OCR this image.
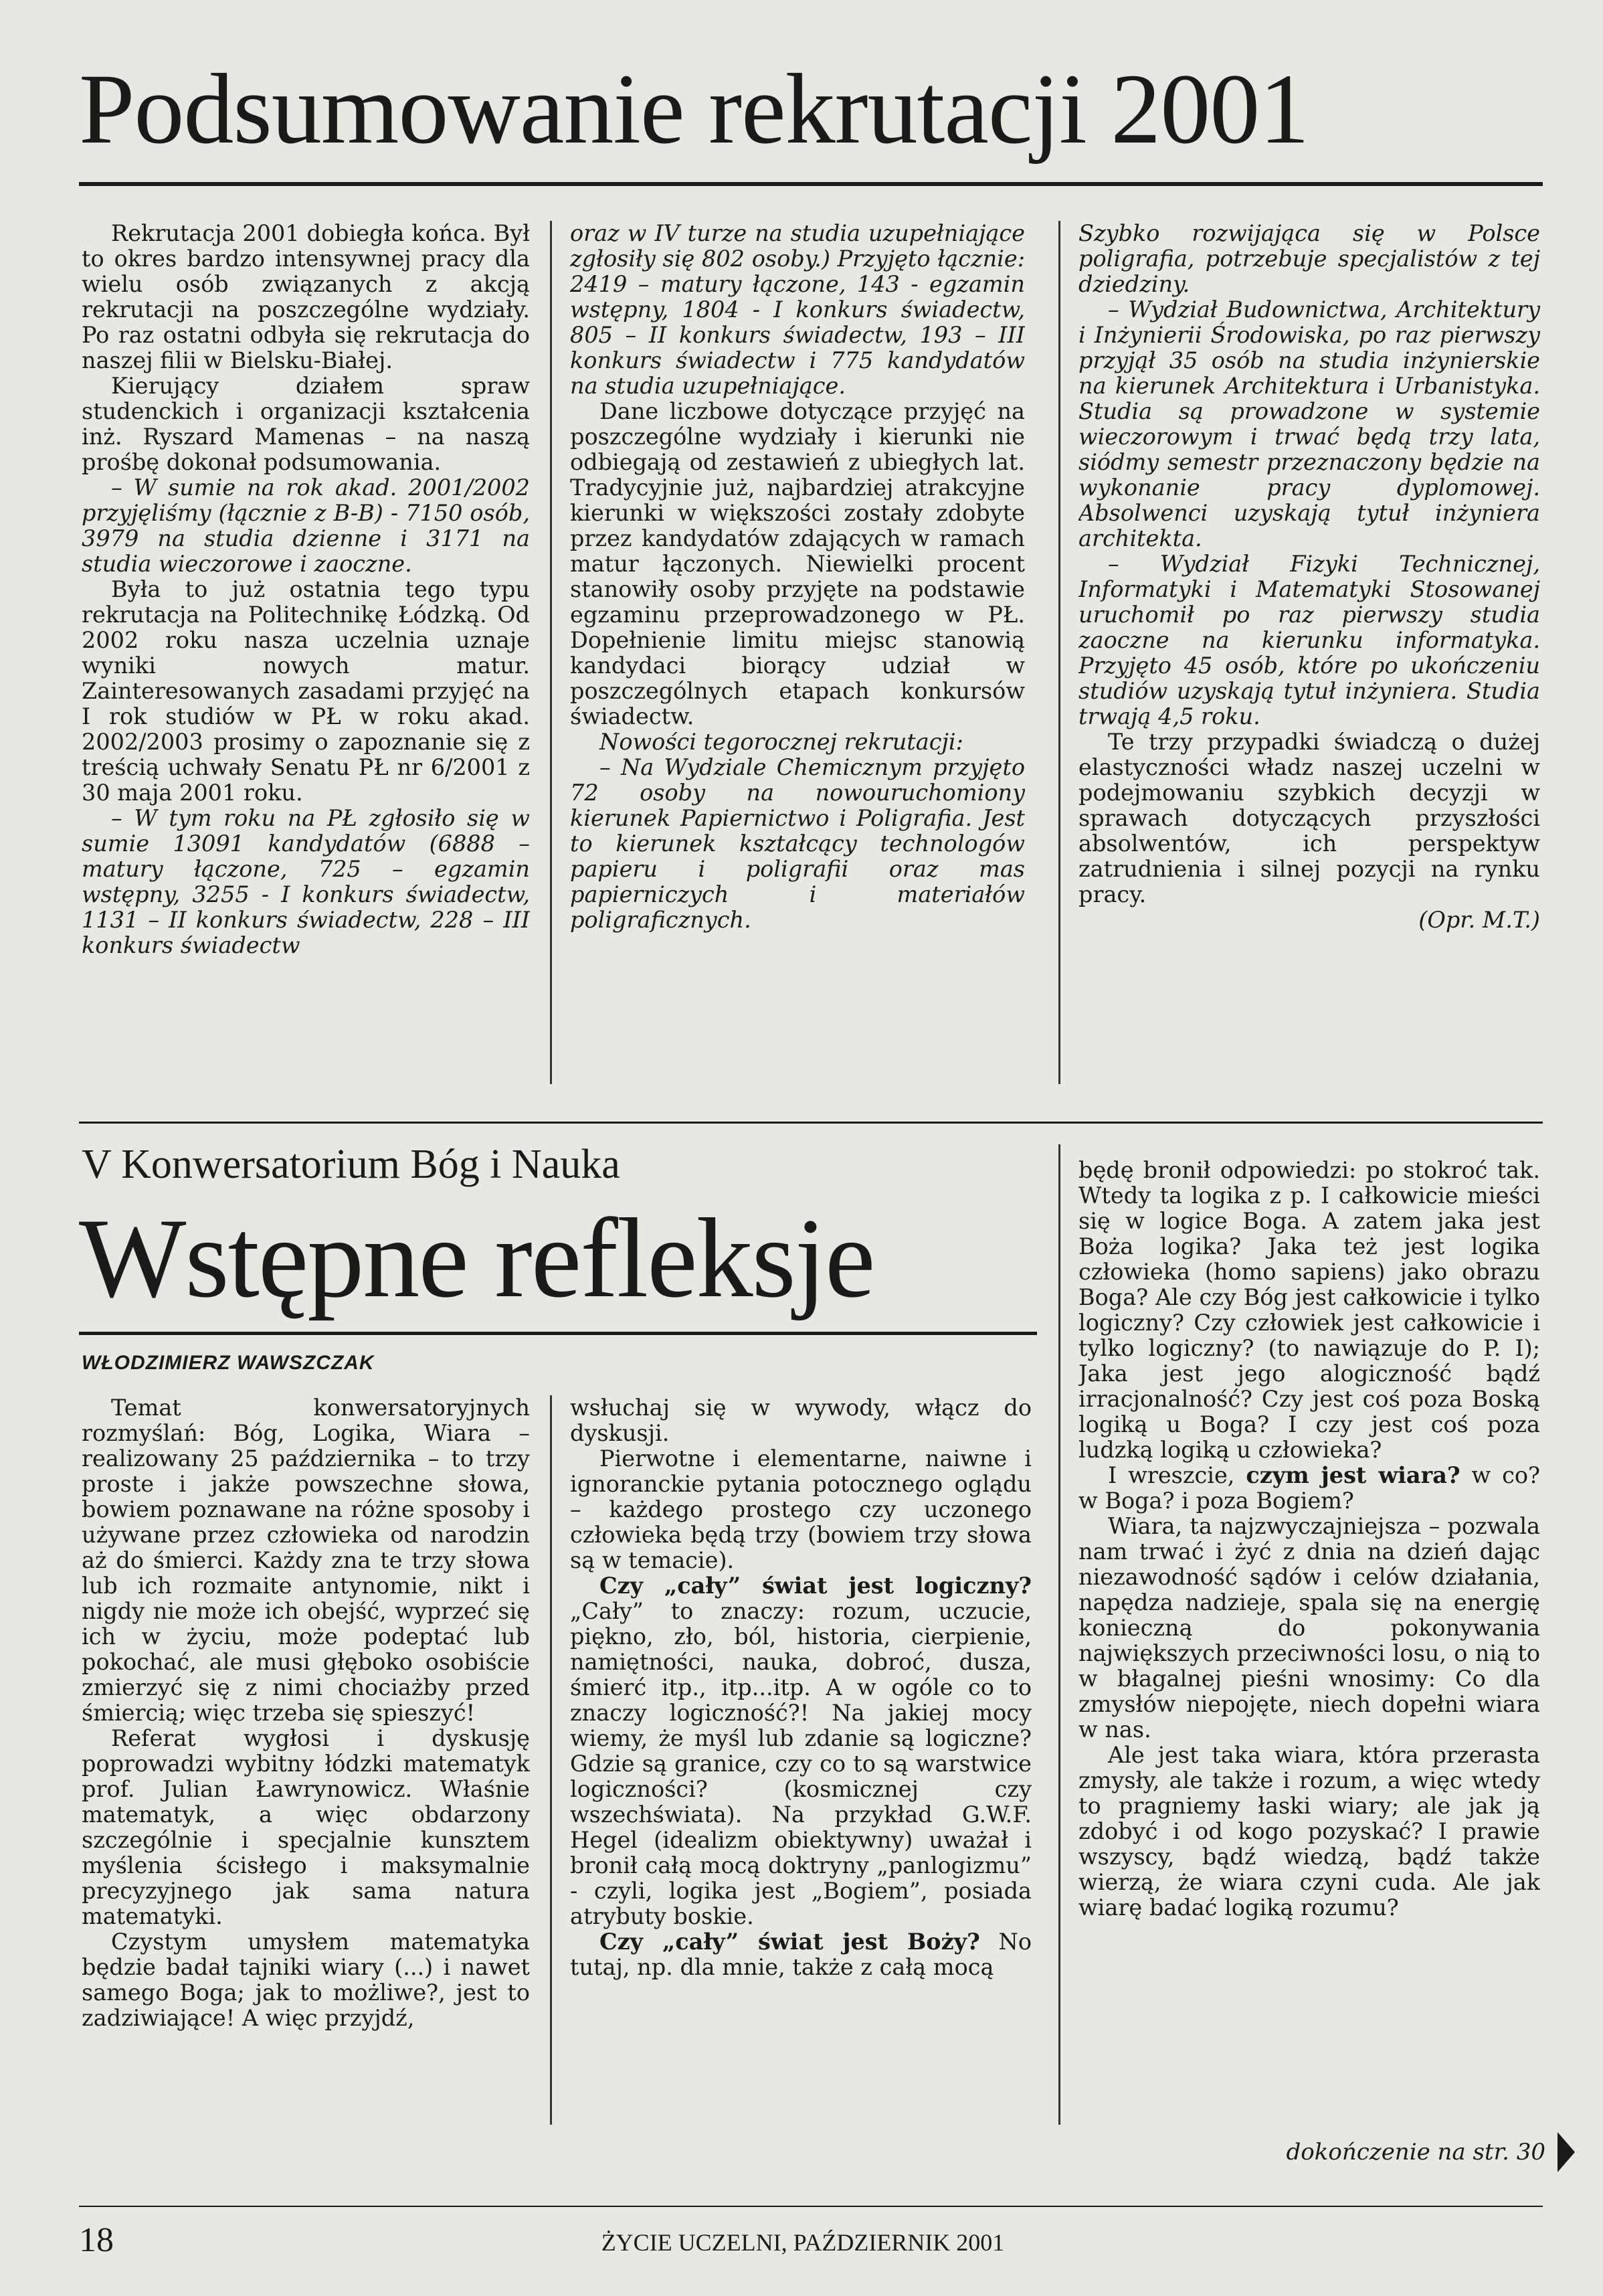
Podsumowanie rekrutacji 2001

Rekrutacja 2001 dobiegła końca. Był to okres bardzo intensywnej pracy dla wielu osób związanych z akcją rekrutacji na poszczególne wydziały. Po raz ostatni odbyła się rekrutacja do naszej filii w Bielsku-Białej.

Kierujący działem spraw studenckich i organizacji kształcenia inż. Ryszard Mamenas – na naszą prośbę dokonał podsumowania.

– W sumie na rok akad. 2001/2002 przyjęliśmy (łącznie z B-B) - 7150 osób, 3979 na studia dzienne i 3171 na studia wieczorowe i zaoczne.

Była to już ostatnia tego typu rekrutacja na Politechnikę Łódzką. Od 2002 roku nasza uczelnia uznaje wyniki nowych matur. Zainteresowanych zasadami przyjęć na I rok studiów w PŁ w roku akad. 2002/2003 prosimy o zapoznanie się z treścią uchwały Senatu PŁ nr 6/2001 z 30 maja 2001 roku.

– W tym roku na PŁ zgłosiło się w sumie 13091 kandydatów (6888 – matury łączone, 725 – egzamin wstępny, 3255 - I konkurs świadectw, 1131 – II konkurs świadectw, 228 – III konkurs świadectw

oraz w IV turze na studia uzupełniające zgłosiły się 802 osoby.) Przyjęto łącznie: 2419 – matury łączone, 143 - egzamin wstępny, 1804 - I konkurs świadectw, 805 – II konkurs świadectw, 193 – III konkurs świadectw i 775 kandydatów na studia uzupełniające.

Dane liczbowe dotyczące przyjęć na poszczególne wydziały i kierunki nie odbiegają od zestawień z ubiegłych lat. Tradycyjnie już, najbardziej atrakcyjne kierunki w większości zostały zdobyte przez kandydatów zdających w ramach matur łączonych. Niewielki procent stanowiły osoby przyjęte na podstawie egzaminu przeprowadzonego w PŁ. Dopełnienie limitu miejsc stanowią kandydaci biorący udział w poszczególnych etapach konkursów świadectw.

Nowości tegorocznej rekrutacji:

– Na Wydziale Chemicznym przyjęto 72 osoby na nowouruchomiony kierunek Papiernictwo i Poligrafia. Jest to kierunek kształcący technologów papieru i poligrafii oraz mas papierniczych i materiałów poligraficznych.

Szybko rozwijająca się w Polsce poligrafia, potrzebuje specjalistów z tej dziedziny.

– Wydział Budownictwa, Architektury i Inżynierii Środowiska, po raz pierwszy przyjął 35 osób na studia inżynierskie na kierunek Architektura i Urbanistyka. Studia są prowadzone w systemie wieczorowym i trwać będą trzy lata, siódmy semestr przeznaczony będzie na wykonanie pracy dyplomowej. Absolwenci uzyskają tytuł inżyniera architekta.

– Wydział Fizyki Technicznej, Informatyki i Matematyki Stosowanej uruchomił po raz pierwszy studia zaoczne na kierunku informatyka. Przyjęto 45 osób, które po ukończeniu studiów uzyskają tytuł inżyniera. Studia trwają 4,5 roku.

Te trzy przypadki świadczą o dużej elastyczności władz naszej uczelni w podejmowaniu szybkich decyzji w sprawach dotyczących przyszłości absolwentów, ich perspektyw zatrudnienia i silnej pozycji na rynku pracy.

(Opr. M.T.)

V Konwersatorium Bóg i Nauka
Wstępne refleksje
WŁODZIMIERZ WAWSZCZAK

Temat konwersatoryjnych rozmyślań: Bóg, Logika, Wiara – realizowany 25 października – to trzy proste i jakże powszechne słowa, bowiem poznawane na różne sposoby i używane przez człowieka od narodzin aż do śmierci. Każdy zna te trzy słowa lub ich rozmaite antynomie, nikt i nigdy nie może ich obejść, wyprzeć się ich w życiu, może podeptać lub pokochać, ale musi głęboko osobiście zmierzyć się z nimi chociażby przed śmiercią; więc trzeba się spieszyć!

Referat wygłosi i dyskusję poprowadzi wybitny łódzki matematyk prof. Julian Ławrynowicz. Właśnie matematyk, a więc obdarzony szczególnie i specjalnie kunsztem myślenia ścisłego i maksymalnie precyzyjnego jak sama natura matematyki.

Czystym umysłem matematyka będzie badał tajniki wiary (...) i nawet samego Boga; jak to możliwe?, jest to zadziwiające! A więc przyjdź,

wsłuchaj się w wywody, włącz do dyskusji.

Pierwotne i elementarne, naiwne i ignoranckie pytania potocznego oglądu – każdego prostego czy uczonego człowieka będą trzy (bowiem trzy słowa są w temacie).

Czy „cały” świat jest logiczny? „Cały” to znaczy: rozum, uczucie, piękno, zło, ból, historia, cierpienie, namiętności, nauka, dobroć, dusza, śmierć itp., itp...itp. A w ogóle co to znaczy logiczność?! Na jakiej mocy wiemy, że myśl lub zdanie są logiczne? Gdzie są granice, czy co to są warstwice logiczności? (kosmicznej czy wszechświata). Na przykład G.W.F. Hegel (idealizm obiektywny) uważał i bronił całą mocą doktryny „panlogizmu” - czyli, logika jest „Bogiem”, posiada atrybuty boskie.

Czy „cały” świat jest Boży? No tutaj, np. dla mnie, także z całą mocą

będę bronił odpowiedzi: po stokroć tak. Wtedy ta logika z p. I całkowicie mieści się w logice Boga. A zatem jaka jest Boża logika? Jaka też jest logika człowieka (homo sapiens) jako obrazu Boga? Ale czy Bóg jest całkowicie i tylko logiczny? Czy człowiek jest całkowicie i tylko logiczny? (to nawiązuje do P. I); Jaka jest jego alogiczność bądź irracjonalność? Czy jest coś poza Boską logiką u Boga? I czy jest coś poza ludzką logiką u człowieka?

I wreszcie, czym jest wiara? w co? w Boga? i poza Bogiem?

Wiara, ta najzwyczajniejsza – pozwala nam trwać i żyć z dnia na dzień dając niezawodność sądów i celów działania, napędza nadzieje, spala się na energię konieczną do pokonywania największych przeciwności losu, o nią to w błagalnej pieśni wnosimy: Co dla zmysłów niepojęte, niech dopełni wiara w nas.

Ale jest taka wiara, która przerasta zmysły, ale także i rozum, a więc wtedy to pragniemy łaski wiary; ale jak ją zdobyć i od kogo pozyskać? I prawie wszyscy, bądź wiedzą, bądź także wierzą, że wiara czyni cuda. Ale jak wiarę badać logiką rozumu?

dokończenie na str. 30
18	ŻYCIE UCZELNI, PAŹDZIERNIK 2001
